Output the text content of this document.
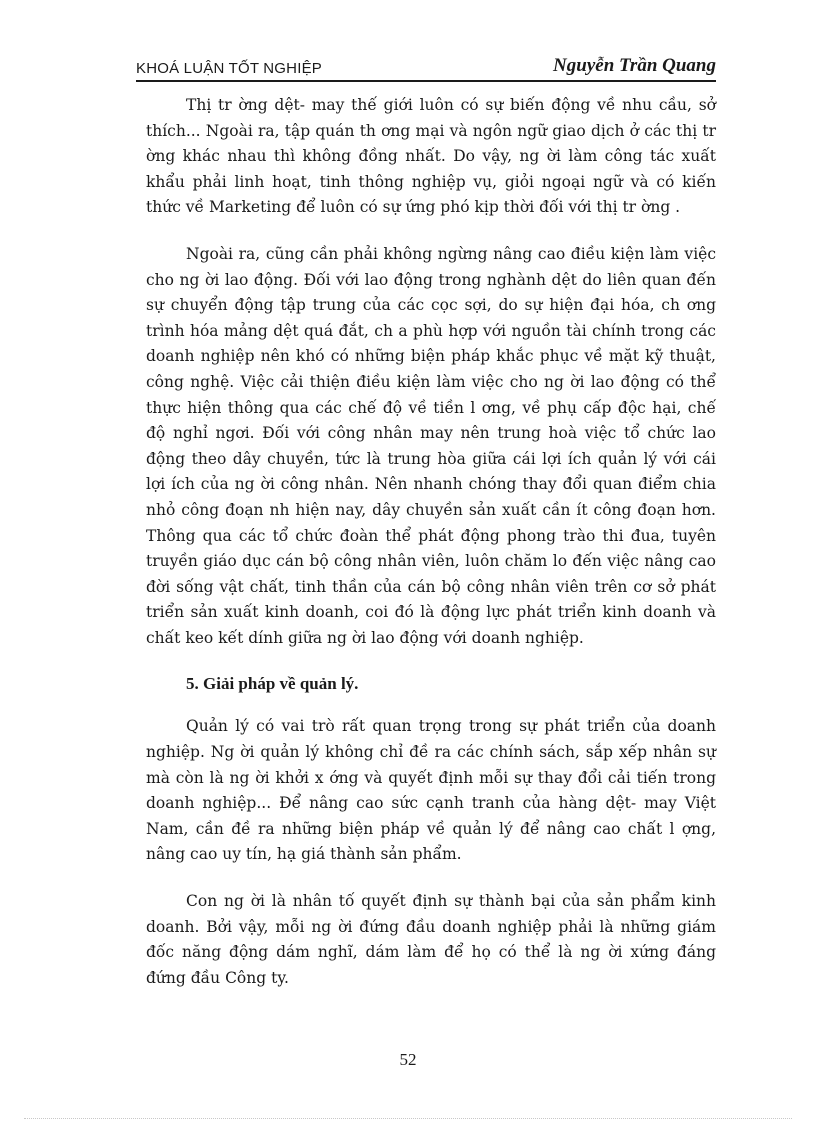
KHOÁ LUẬN TỐT NGHIỆP	Nguyễn Trần Quang

Thị tr ờng dệt- may thế giới luôn có sự biến động về nhu cầu, sở thích... Ngoài ra, tập quán th ơng mại và ngôn ngữ giao dịch ở các thị tr ờng khác nhau thì không đồng nhất. Do vậy, ng ời làm công tác xuất khẩu phải linh hoạt, tinh thông nghiệp vụ, giỏi ngoại ngữ và có kiến thức về Marketing để luôn có sự ứng phó kịp thời đối với thị tr ờng .

Ngoài ra, cũng cần phải không ngừng nâng cao điều kiện làm việc cho ng ời lao động. Đối với lao động trong nghành dệt do liên quan đến sự chuyển động tập trung của các cọc sợi, do sự hiện đại hóa, ch ơng trình hóa mảng dệt quá đắt, ch a phù hợp với nguồn tài chính trong các doanh nghiệp nên khó có những biện pháp khắc phục về mặt kỹ thuật, công nghệ. Việc cải thiện điều kiện làm việc cho ng ời lao động có thể thực hiện thông qua các chế độ về tiền l ơng, về phụ cấp độc hại, chế độ nghỉ ngơi. Đối với công nhân may nên trung hoà việc tổ chức lao động theo dây chuyền, tức là trung hòa giữa cái lợi ích quản lý với cái lợi ích của ng ời công nhân. Nên nhanh chóng thay đổi quan điểm chia nhỏ công đoạn nh hiện nay, dây chuyền sản xuất cần ít công đoạn hơn. Thông qua các tổ chức đoàn thể phát động phong trào thi đua, tuyên truyền giáo dục cán bộ công nhân viên, luôn chăm lo đến việc nâng cao đời sống vật chất, tinh thần của cán bộ công nhân viên trên cơ sở phát triển sản xuất kinh doanh, coi đó là động lực phát triển kinh doanh và chất keo kết dính giữa ng ời lao động với doanh nghiệp.

5. Giải pháp về quản lý.

Quản lý có vai trò rất quan trọng trong sự phát triển của doanh nghiệp. Ng ời quản lý không chỉ đề ra các chính sách, sắp xếp nhân sự mà còn là ng ời khởi x ớng và quyết định mỗi sự thay đổi cải tiến trong doanh nghiệp... Để nâng cao sức cạnh tranh của hàng dệt- may Việt Nam, cần đề ra những biện pháp về quản lý để nâng cao chất l ợng, nâng cao uy tín, hạ giá thành sản phẩm.

Con ng ời là nhân tố quyết định sự thành bại của sản phẩm kinh doanh. Bởi vậy, mỗi ng ời đứng đầu doanh nghiệp phải là những giám đốc năng động dám nghĩ, dám làm để họ có thể là ng ời xứng đáng đứng đầu Công ty.

52
